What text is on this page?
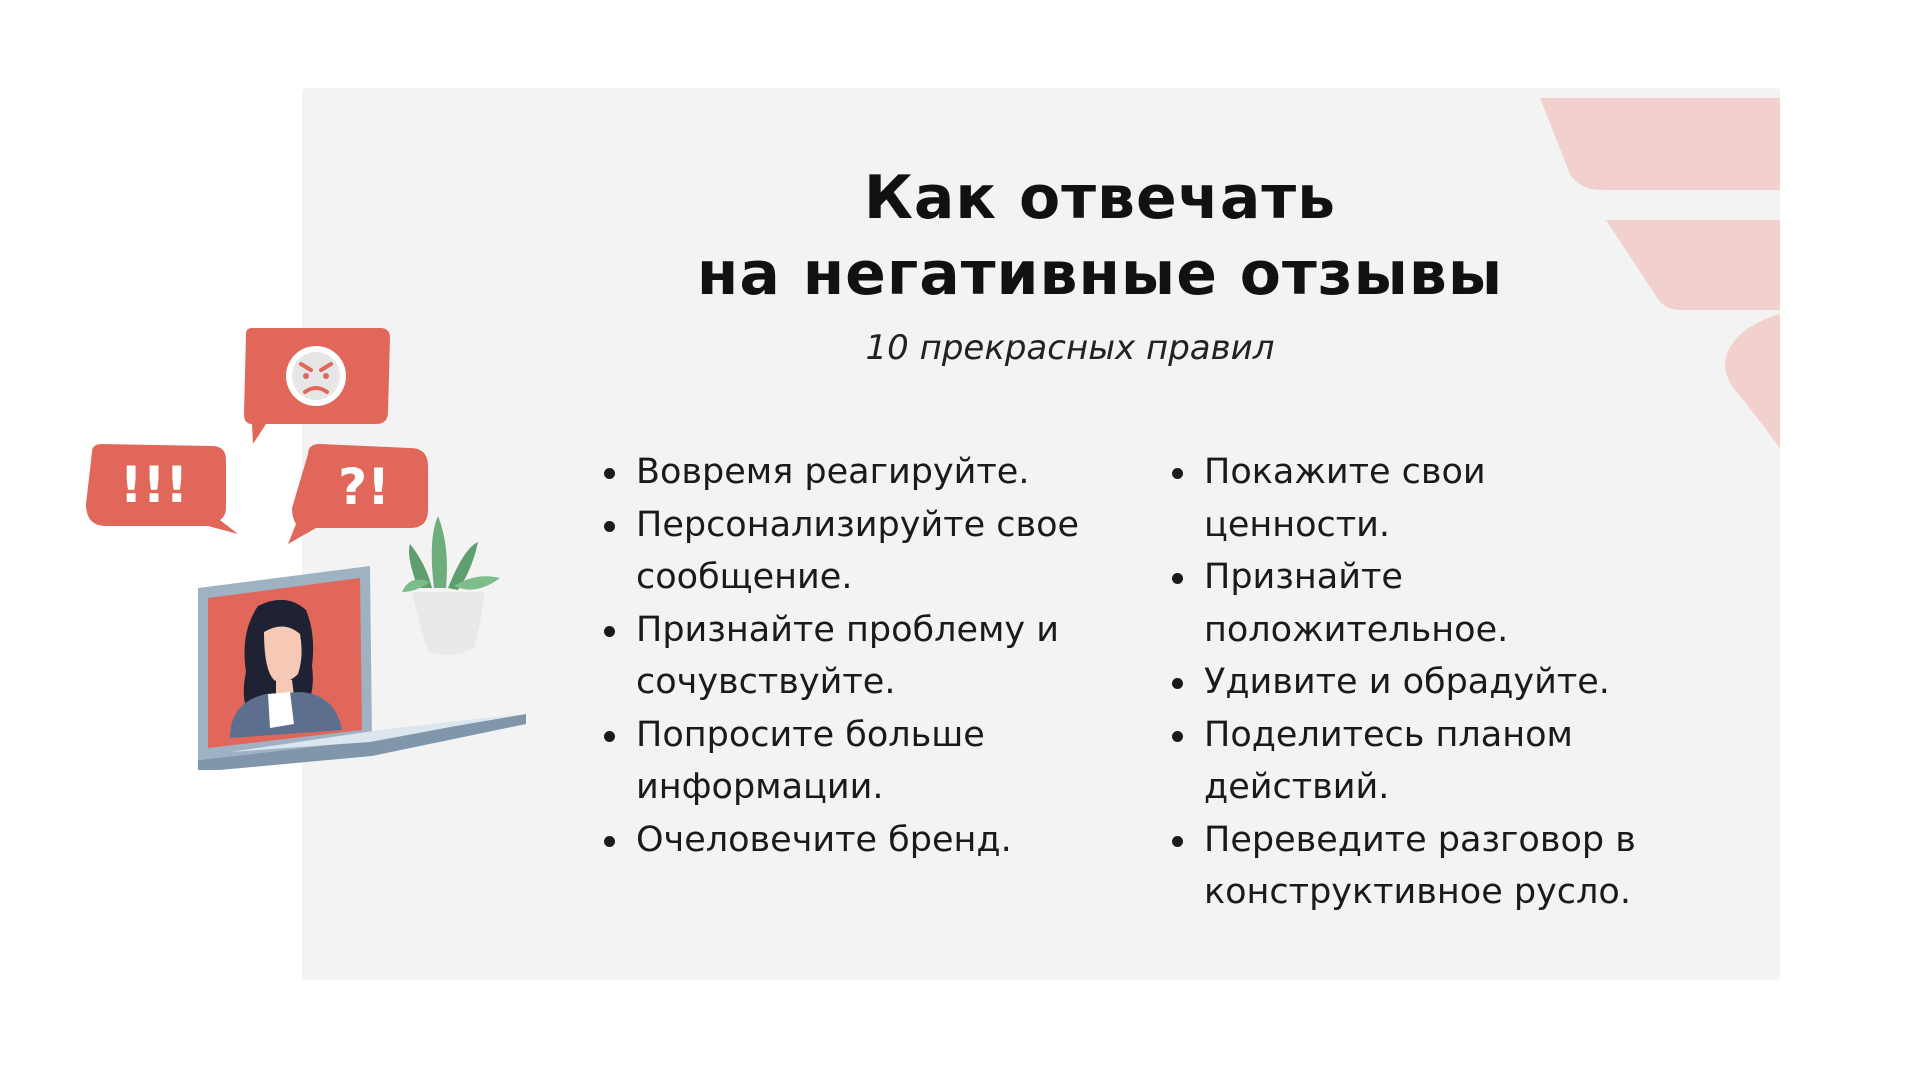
Как отвечать
на негативные отзывы
10 прекрасных правил
Вовремя реагируйте.
Персонализируйте свое сообщение.
Признайте проблему и сочувствуйте.
Попросите больше информации.
Очеловечите бренд.
Покажите свои ценности.
Признайте положительное.
Удивите и обрадуйте.
Поделитесь планом действий.
Переведите разговор в конструктивное русло.
!!!	?!
